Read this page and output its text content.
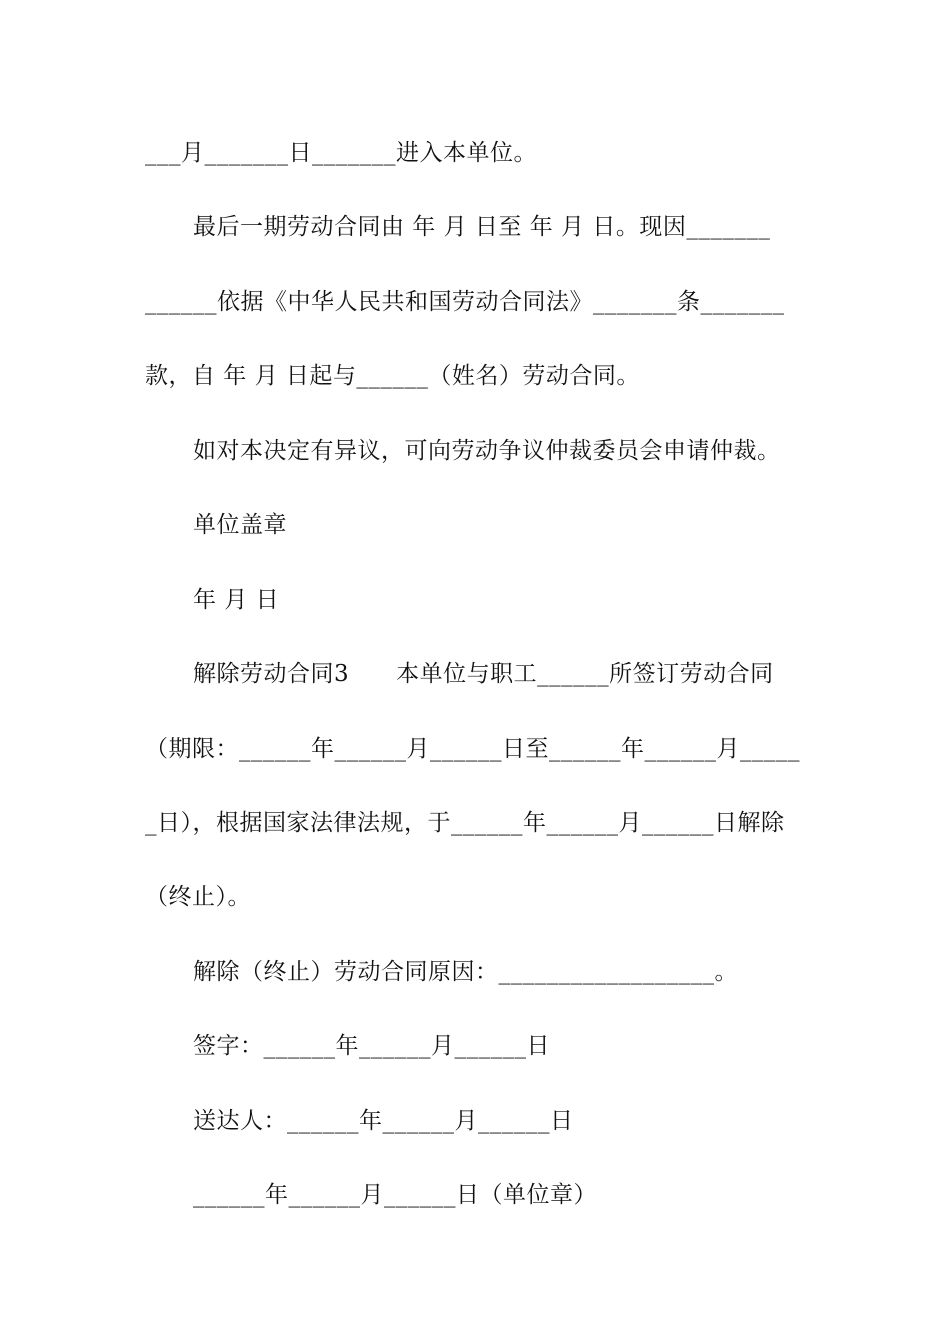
___月_______日_______进入本单位。
最后一期劳动合同由 年 月 日至 年 月 日。现因_______
______依据《中华人民共和国劳动合同法》_______条_______
款，自 年 月 日起与______（姓名）劳动合同。
如对本决定有异议，可向劳动争议仲裁委员会申请仲裁。
单位盖章
年 月 日
解除劳动合同3　　本单位与职工______所签订劳动合同
（期限：______年______月______日至______年______月_____
_日），根据国家法律法规，于______年______月______日解除
（终止）。
解除（终止）劳动合同原因：__________________。
签字：______年______月______日
送达人：______年______月______日
______年______月______日（单位章）
